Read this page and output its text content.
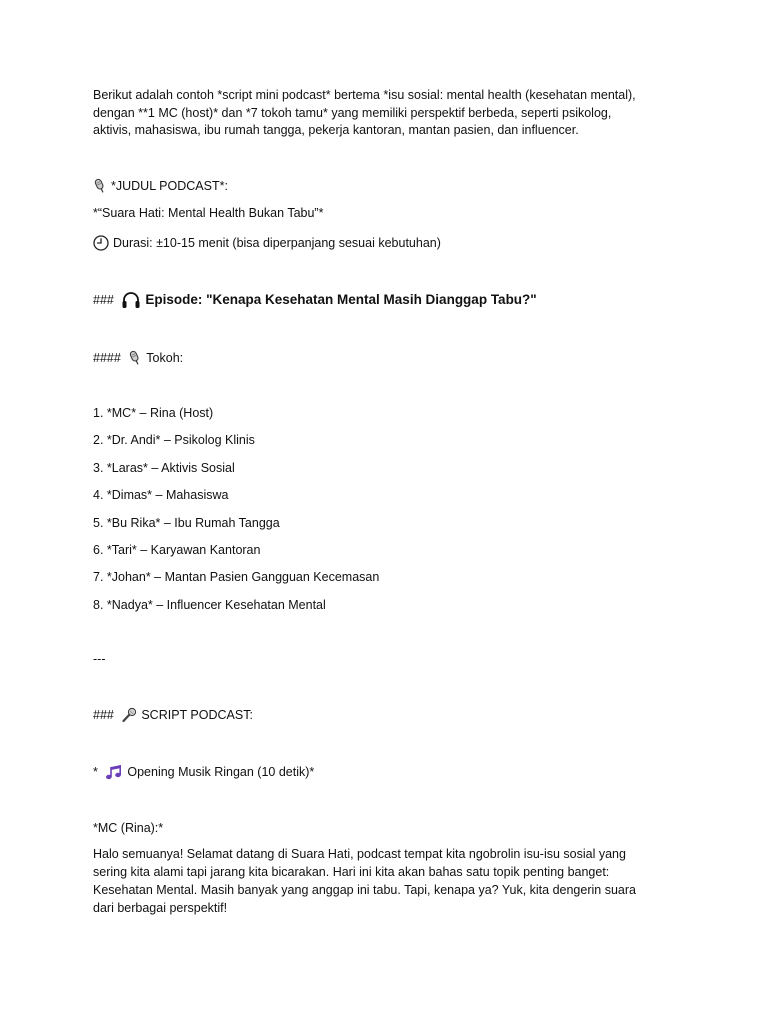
Berikut adalah contoh *script mini podcast* bertema *isu sosial: mental health (kesehatan mental),
dengan **1 MC (host)* dan *7 tokoh tamu* yang memiliki perspektif berbeda, seperti psikolog,
aktivis, mahasiswa, ibu rumah tangga, pekerja kantoran, mantan pasien, dan influencer.
*JUDUL PODCAST*:
*“Suara Hati: Mental Health Bukan Tabu”*
Durasi: ±10-15 menit (bisa diperpanjang sesuai kebutuhan)
### Episode: "Kenapa Kesehatan Mental Masih Dianggap Tabu?"
#### Tokoh:
1. *MC* – Rina (Host)
2. *Dr. Andi* – Psikolog Klinis
3. *Laras* – Aktivis Sosial
4. *Dimas* – Mahasiswa
5. *Bu Rika* – Ibu Rumah Tangga
6. *Tari* – Karyawan Kantoran
7. *Johan* – Mantan Pasien Gangguan Kecemasan
8. *Nadya* – Influencer Kesehatan Mental
---
### SCRIPT PODCAST:
* Opening Musik Ringan (10 detik)*
*MC (Rina):*
Halo semuanya! Selamat datang di Suara Hati, podcast tempat kita ngobrolin isu-isu sosial yang
sering kita alami tapi jarang kita bicarakan. Hari ini kita akan bahas satu topik penting banget:
Kesehatan Mental. Masih banyak yang anggap ini tabu. Tapi, kenapa ya? Yuk, kita dengerin suara
dari berbagai perspektif!
